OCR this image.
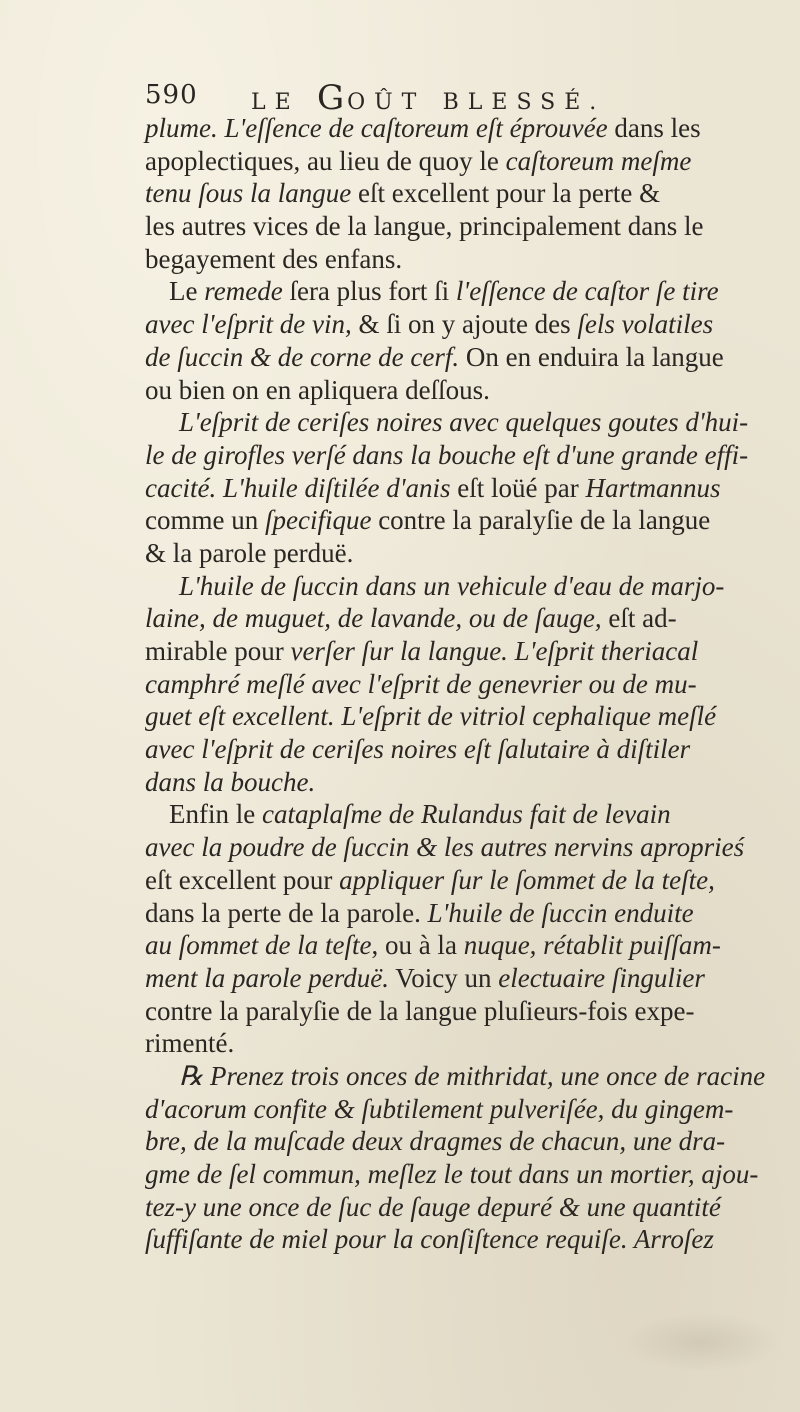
590 LE GOÛT BLESSÉ.
plume. L'eſſence de caſtoreum eſt éprouvée dans les
apoplectiques, au lieu de quoy le caſtoreum meſme
tenu ſous la langue eſt excellent pour la perte &
les autres vices de la langue, principalement dans le
begayement des enfans.
Le remede ſera plus fort ſi l'eſſence de caſtor ſe tire
avec l'eſprit de vin, & ſi on y ajoute des ſels volatiles
de ſuccin & de corne de cerf. On en enduira la langue
ou bien on en apliquera deſſous.
L'eſprit de ceriſes noires avec quelques goutes d'hui-
le de girofles verſé dans la bouche eſt d'une grande effi-
cacité. L'huile diſtilée d'anis eſt loüé par Hartmannus
comme un ſpecifique contre la paralyſie de la langue
& la parole perduë.
L'huile de ſuccin dans un vehicule d'eau de marjo-
laine, de muguet, de lavande, ou de ſauge, eſt ad-
mirable pour verſer ſur la langue. L'eſprit theriacal
camphré meſlé avec l'eſprit de genevrier ou de mu-
guet eſt excellent. L'eſprit de vitriol cephalique meſlé
avec l'eſprit de ceriſes noires eſt ſalutaire à diſtiler
dans la bouche.
Enfin le cataplaſme de Rulandus fait de levain
avec la poudre de ſuccin & les autres nervins aproprieś
eſt excellent pour appliquer ſur le ſommet de la teſte,
dans la perte de la parole. L'huile de ſuccin enduite
au ſommet de la teſte, ou à la nuque, rétablit puiſſam-
ment la parole perduë. Voicy un electuaire ſingulier
contre la paralyſie de la langue pluſieurs-fois expe-
rimenté.
℞ Prenez trois onces de mithridat, une once de racine
d'acorum confite & ſubtilement pulveriſée, du gingem-
bre, de la muſcade deux dragmes de chacun, une dra-
gme de ſel commun, meſlez le tout dans un mortier, ajou-
tez-y une once de ſuc de ſauge depuré & une quantité
ſuffiſante de miel pour la conſiſtence requiſe. Arroſez
